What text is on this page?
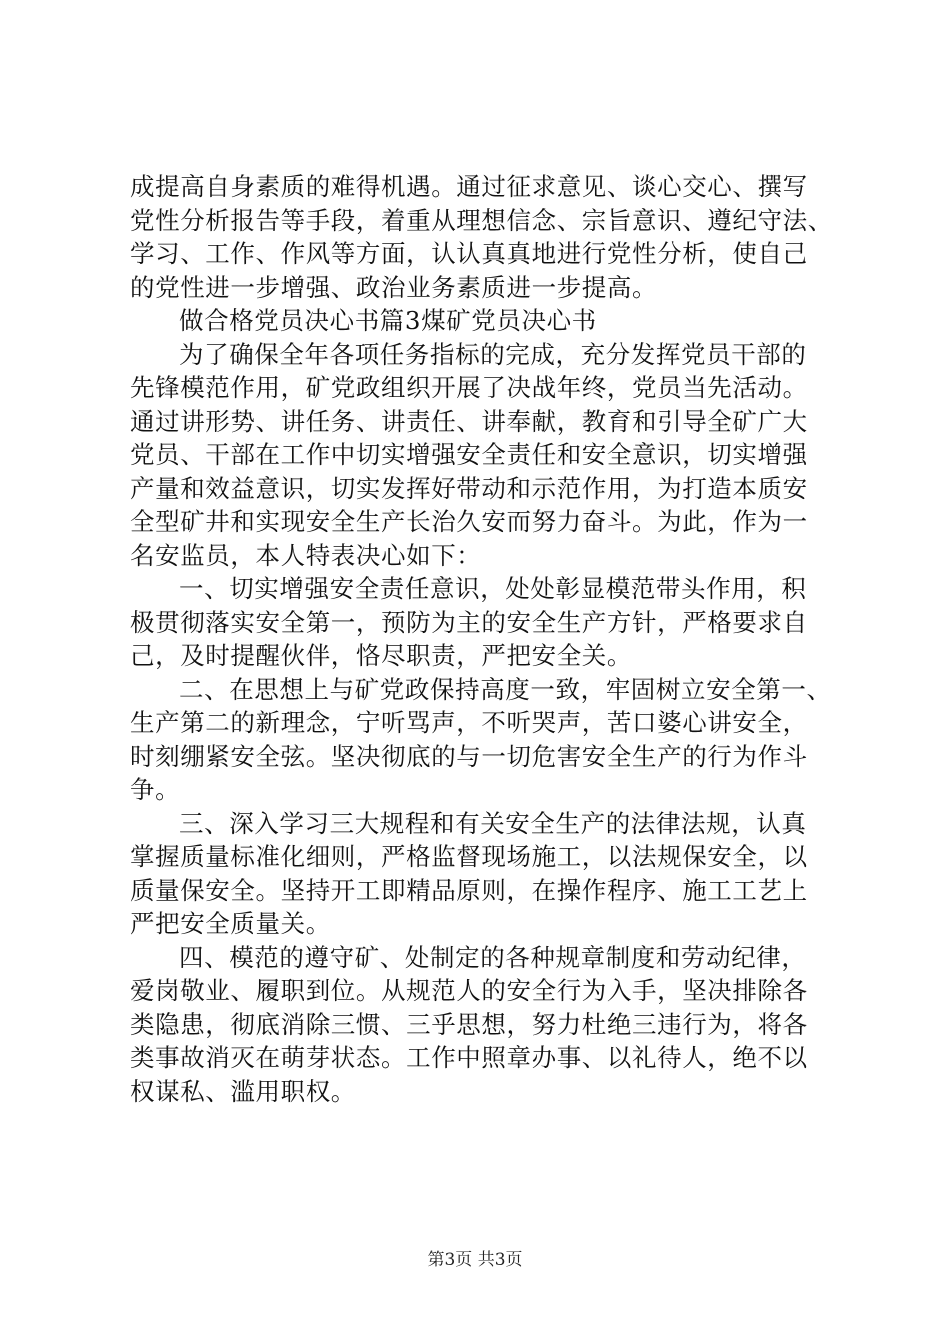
成提高自身素质的难得机遇。通过征求意见、谈心交心、撰写
党性分析报告等手段，着重从理想信念、宗旨意识、遵纪守法、
学习、工作、作风等方面，认认真真地进行党性分析，使自己
的党性进一步增强、政治业务素质进一步提高。
做合格党员决心书篇3煤矿党员决心书
为了确保全年各项任务指标的完成，充分发挥党员干部的
先锋模范作用，矿党政组织开展了决战年终，党员当先活动。
通过讲形势、讲任务、讲责任、讲奉献，教育和引导全矿广大
党员、干部在工作中切实增强安全责任和安全意识，切实增强
产量和效益意识，切实发挥好带动和示范作用，为打造本质安
全型矿井和实现安全生产长治久安而努力奋斗。为此，作为一
名安监员，本人特表决心如下：
一、切实增强安全责任意识，处处彰显模范带头作用，积
极贯彻落实安全第一，预防为主的安全生产方针，严格要求自
己，及时提醒伙伴，恪尽职责，严把安全关。
二、在思想上与矿党政保持高度一致，牢固树立安全第一、
生产第二的新理念，宁听骂声，不听哭声，苦口婆心讲安全，
时刻绷紧安全弦。坚决彻底的与一切危害安全生产的行为作斗
争。
三、深入学习三大规程和有关安全生产的法律法规，认真
掌握质量标准化细则，严格监督现场施工，以法规保安全，以
质量保安全。坚持开工即精品原则，在操作程序、施工工艺上
严把安全质量关。
四、模范的遵守矿、处制定的各种规章制度和劳动纪律，
爱岗敬业、履职到位。从规范人的安全行为入手，坚决排除各
类隐患，彻底消除三惯、三乎思想，努力杜绝三违行为，将各
类事故消灭在萌芽状态。工作中照章办事、以礼待人，绝不以
权谋私、滥用职权。
第3页 共3页
